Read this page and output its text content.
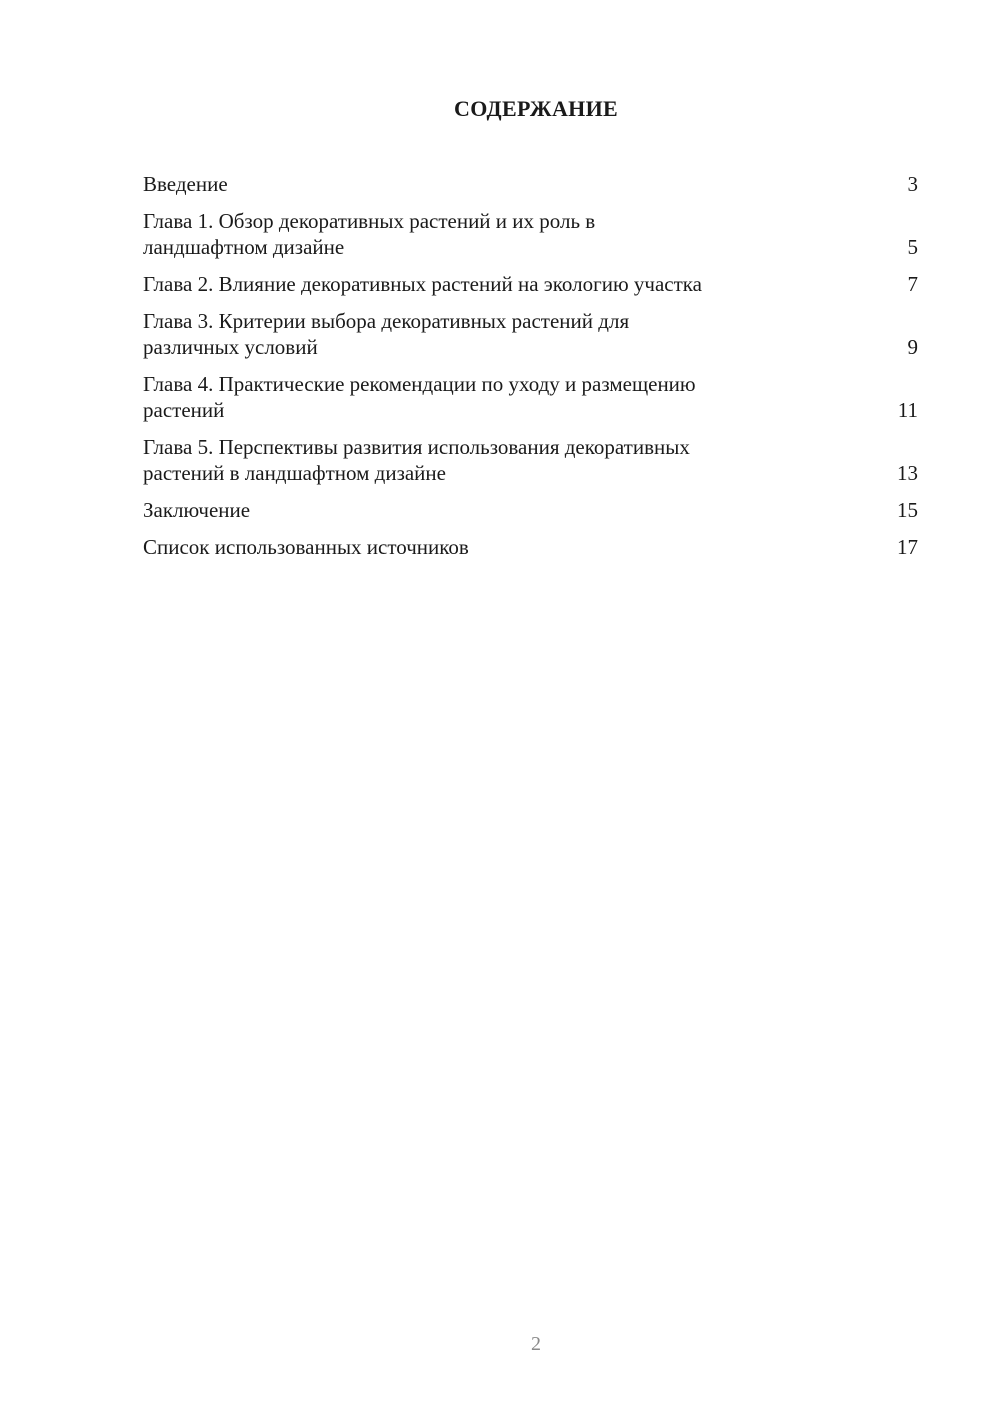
СОДЕРЖАНИЕ
Введение	3
Глава 1. Обзор декоративных растений и их роль в
ландшафтном дизайне	5
Глава 2. Влияние декоративных растений на экологию участка	7
Глава 3. Критерии выбора декоративных растений для
различных условий	9
Глава 4. Практические рекомендации по уходу и размещению
растений	11
Глава 5. Перспективы развития использования декоративных
растений в ландшафтном дизайне	13
Заключение	15
Список использованных источников	17
2
